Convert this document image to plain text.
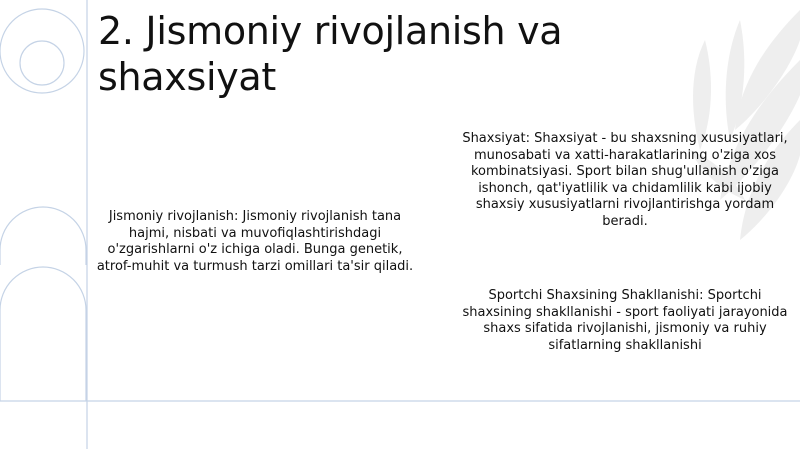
2. Jismoniy rivojlanish va shaxsiyat

Jismoniy rivojlanish: Jismoniy rivojlanish tana hajmi, nisbati va muvofiqlashtirishdagi o'zgarishlarni o'z ichiga oladi. Bunga genetik, atrof-muhit va turmush tarzi omillari ta'sir qiladi.

Shaxsiyat: Shaxsiyat - bu shaxsning xususiyatlari, munosabati va xatti-harakatlarining o'ziga xos kombinatsiyasi. Sport bilan shug'ullanish o'ziga ishonch, qat'iyatlilik va chidamlilik kabi ijobiy shaxsiy xususiyatlarni rivojlantirishga yordam beradi.

Sportchi Shaxsining Shakllanishi: Sportchi shaxsining shakllanishi - sport faoliyati jarayonida shaxs sifatida rivojlanishi, jismoniy va ruhiy sifatlarning shakllanishi
